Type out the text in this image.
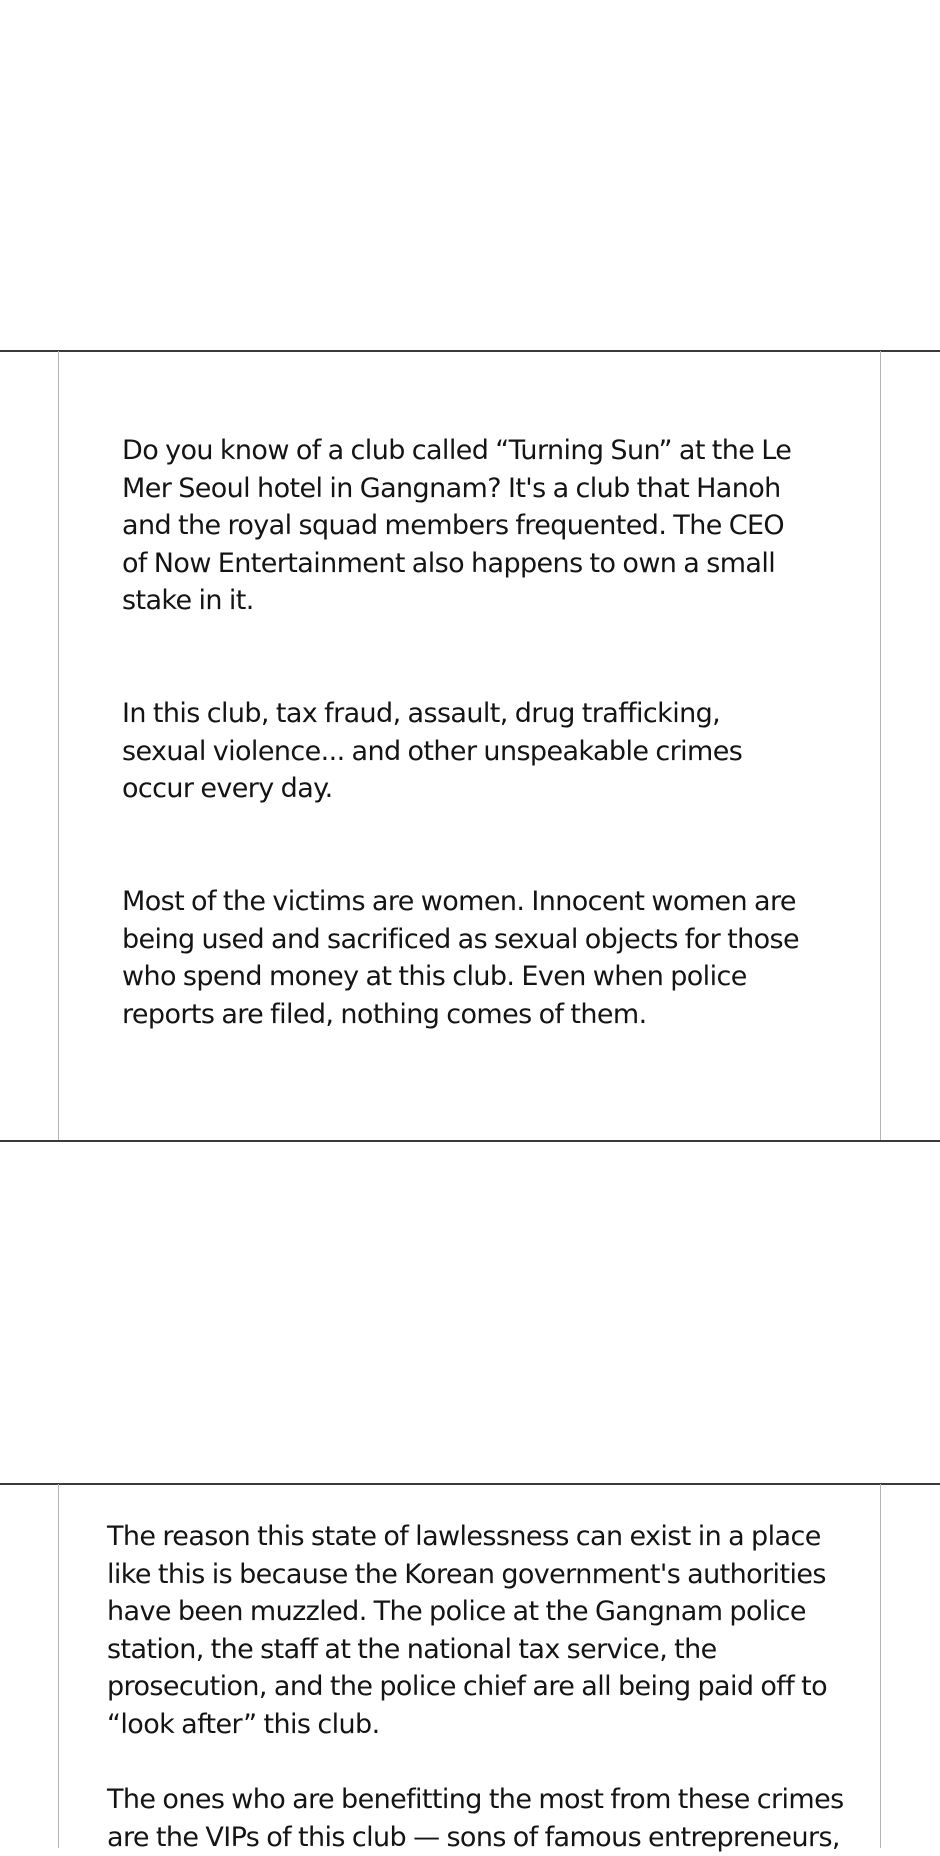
Do you know of a club called “Turning Sun” at the Le Mer Seoul hotel in Gangnam? It's a club that Hanoh and the royal squad members frequented. The CEO of Now Entertainment also happens to own a small stake in it.

In this club, tax fraud, assault, drug trafficking, sexual violence... and other unspeakable crimes occur every day.

Most of the victims are women. Innocent women are being used and sacrificed as sexual objects for those who spend money at this club. Even when police reports are filed, nothing comes of them.

The reason this state of lawlessness can exist in a place like this is because the Korean government's authorities have been muzzled. The police at the Gangnam police station, the staff at the national tax service, the prosecution, and the police chief are all being paid off to “look after” this club.

The ones who are benefitting the most from these crimes are the VIPs of this club — sons of famous entrepreneurs,
